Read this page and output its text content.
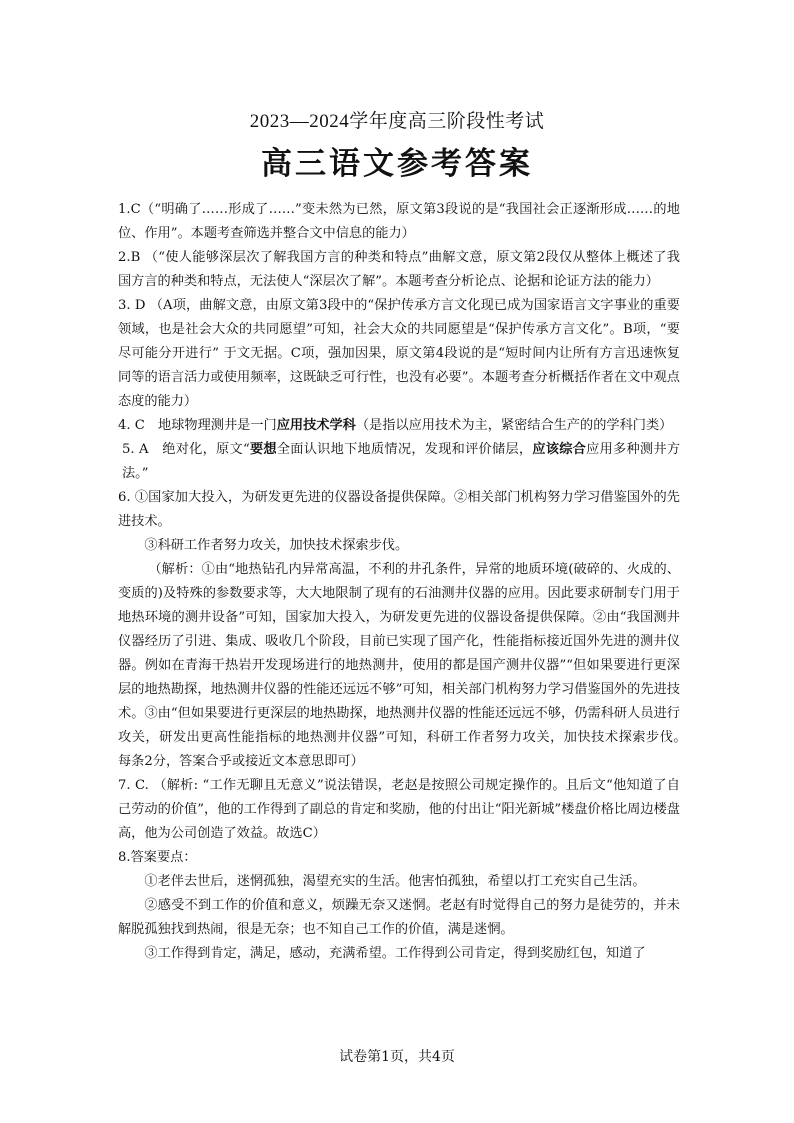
2023—2024学年度高三阶段性考试
高三语文参考答案

1.C（“明确了……形成了……”变未然为已然，原文第3段说的是“我国社会正逐渐形成……的地位、作用”。本题考查筛选并整合文中信息的能力）

2.B （“使人能够深层次了解我国方言的种类和特点”曲解文意，原文第2段仅从整体上概述了我国方言的种类和特点，无法使人“深层次了解”。本题考查分析论点、论据和论证方法的能力）

3. D （A项，曲解文意，由原文第3段中的“保护传承方言文化现已成为国家语言文字事业的重要领域，也是社会大众的共同愿望”可知，社会大众的共同愿望是“保护传承方言文化”。B项，“要尽可能分开进行” 于文无据。C项，强加因果，原文第4段说的是“短时间内让所有方言迅速恢复同等的语言活力或使用频率，这既缺乏可行性，也没有必要”。本题考查分析概括作者在文中观点态度的能力）

4. C　地球物理测井是一门应用技术学科（是指以应用技术为主，紧密结合生产的的学科门类）

5. A　绝对化，原文“要想全面认识地下地质情况，发现和评价储层，应该综合应用多种测井方法。”

6. ①国家加大投入，为研发更先进的仪器设备提供保障。②相关部门机构努力学习借鉴国外的先进技术。

③科研工作者努力攻关，加快技术探索步伐。

（解析：①由“地热钻孔内异常高温，不利的井孔条件，异常的地质环境(破碎的、火成的、变质的)及特殊的参数要求等，大大地限制了现有的石油测井仪器的应用。因此要求研制专门用于地热环境的测井设备”可知，国家加大投入，为研发更先进的仪器设备提供保障。②由“我国测井仪器经历了引进、集成、吸收几个阶段，目前已实现了国产化，性能指标接近国外先进的测井仪器。例如在青海干热岩开发现场进行的地热测井，使用的都是国产测井仪器”“但如果要进行更深层的地热勘探，地热测井仪器的性能还远远不够”可知，相关部门机构努力学习借鉴国外的先进技术。③由“但如果要进行更深层的地热勘探，地热测井仪器的性能还远远不够，仍需科研人员进行攻关，研发出更高性能指标的地热测井仪器”可知，科研工作者努力攻关，加快技术探索步伐。　每条2分，答案合乎或接近文本意思即可）

7. C. （解析: “工作无聊且无意义”说法错误，老赵是按照公司规定操作的。且后文“他知道了自己劳动的价值”，他的工作得到了副总的肯定和奖励，他的付出让“阳光新城”楼盘价格比周边楼盘高，他为公司创造了效益。故选C）

8.答案要点：

①老伴去世后，迷惘孤独，渴望充实的生活。他害怕孤独，希望以打工充实自己生活。

②感受不到工作的价值和意义，烦躁无奈又迷惘。老赵有时觉得自己的努力是徒劳的，并未解脱孤独找到热闹，很是无奈；也不知自己工作的价值，满是迷惘。

③工作得到肯定，满足，感动，充满希望。工作得到公司肯定，得到奖励红包，知道了

试卷第1页，共4页
